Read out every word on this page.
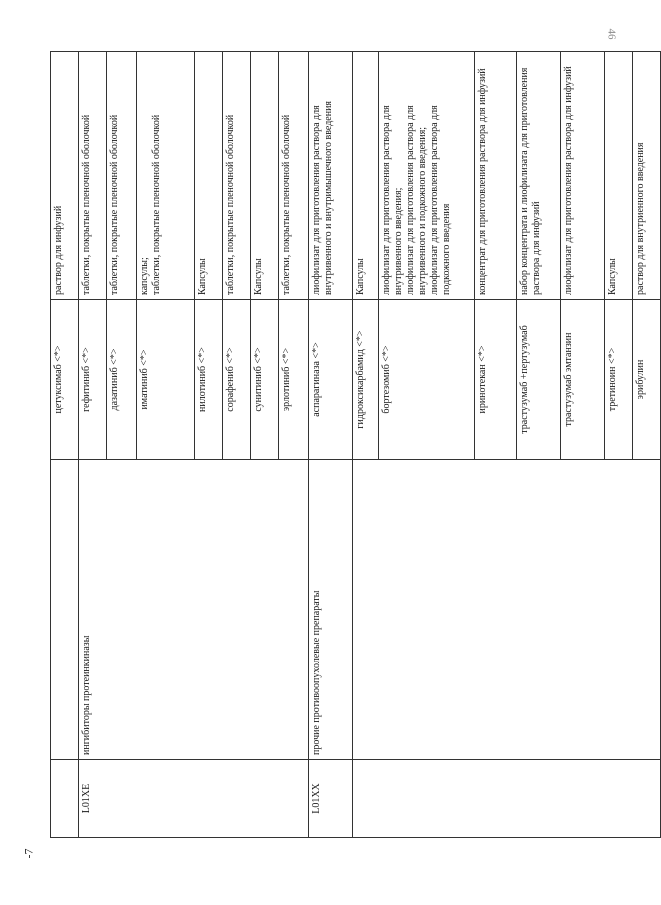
46
		цетуксимаб <*>	раствор для инфузий

L01XE	ингибиторы протеинкиназы	гефитиниб <*>	таблетки, покрытые пленочной оболочкой

		дазатиниб <*>	таблетки, покрытые пленочной оболочкой

		иматиниб <*>	капсулы; таблетки, покрытые пленочной оболочкой

		нилотиниб <*>	Капсулы

		сорафениб <*>	таблетки, покрытые пленочной оболочкой

		сунитиниб <*>	Капсулы

		эрлотиниб <*>	таблетки, покрытые пленочной оболочкой

L01XX	прочие противоопухолевые препараты	аспарагиназа <*>	лиофилизат для приготовления раствора для внутривенного и внутримышечного введения

		гидроксикарбамид <*>	Капсулы

		бортезомиб <*>	лиофилизат для приготовления раствора для внутривенного введения; лиофилизат для приготовления раствора для внутривенного и подкожного введения; лиофилизат для приготовления раствора для подкожного введения

		иринотекан <*>	концентрат для приготовления раствора для инфузий

		трастузумаб +пертузумаб	набор концентрата и лиофилизата для приготовления раствора для инфузий

		трастузумаб эмтанзин	лиофилизат для приготовления раствора для инфузий

		третиноин <*>	Капсулы

		эрибулин	раствор для внутриенного введения
-7
